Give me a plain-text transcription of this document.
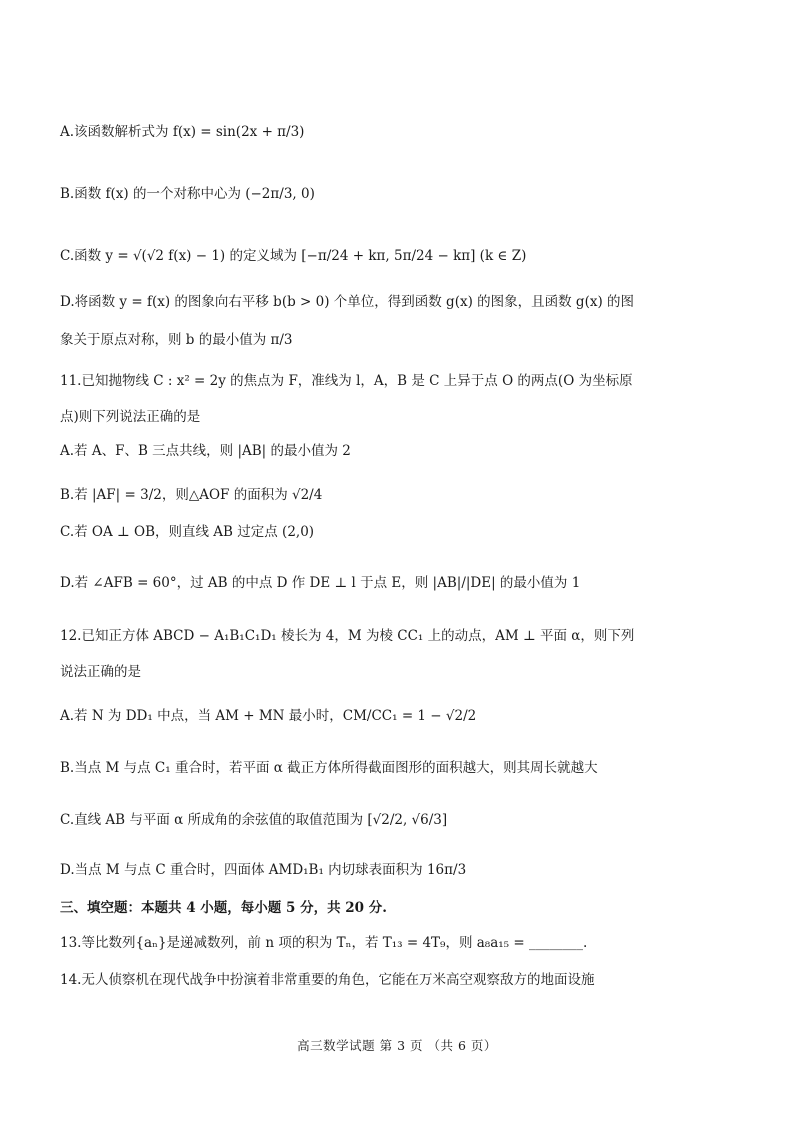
A.该函数解析式为 f(x) = sin(2x + π/3)
B.函数 f(x) 的一个对称中心为 (−2π/3, 0)
C.函数 y = √(√2 f(x) − 1) 的定义域为 [−π/24 + kπ, 5π/24 − kπ] (k ∈ Z)
D.将函数 y = f(x) 的图象向右平移 b(b > 0) 个单位，得到函数 g(x) 的图象，且函数 g(x) 的图
象关于原点对称，则 b 的最小值为 π/3
11.已知抛物线 C : x² = 2y 的焦点为 F，准线为 l，A，B 是 C 上异于点 O 的两点(O 为坐标原
点)则下列说法正确的是
A.若 A、F、B 三点共线，则 |AB| 的最小值为 2
B.若 |AF| = 3/2，则△AOF 的面积为 √2/4
C.若 OA ⊥ OB，则直线 AB 过定点 (2,0)
D.若 ∠AFB = 60°，过 AB 的中点 D 作 DE ⊥ l 于点 E，则 |AB|/|DE| 的最小值为 1
12.已知正方体 ABCD − A₁B₁C₁D₁ 棱长为 4，M 为棱 CC₁ 上的动点，AM ⊥ 平面 α，则下列
说法正确的是
A.若 N 为 DD₁ 中点，当 AM + MN 最小时，CM/CC₁ = 1 − √2/2
B.当点 M 与点 C₁ 重合时，若平面 α 截正方体所得截面图形的面积越大，则其周长就越大
C.直线 AB 与平面 α 所成角的余弦值的取值范围为 [√2/2, √6/3]
D.当点 M 与点 C 重合时，四面体 AMD₁B₁ 内切球表面积为 16π/3
三、填空题：本题共 4 小题，每小题 5 分，共 20 分.
13.等比数列{aₙ}是递减数列，前 n 项的积为 Tₙ，若 T₁₃ = 4T₉，则 a₈a₁₅ = ________.
14.无人侦察机在现代战争中扮演着非常重要的角色，它能在万米高空观察敌方的地面设施
高三数学试题 第 3 页 （共 6 页）
